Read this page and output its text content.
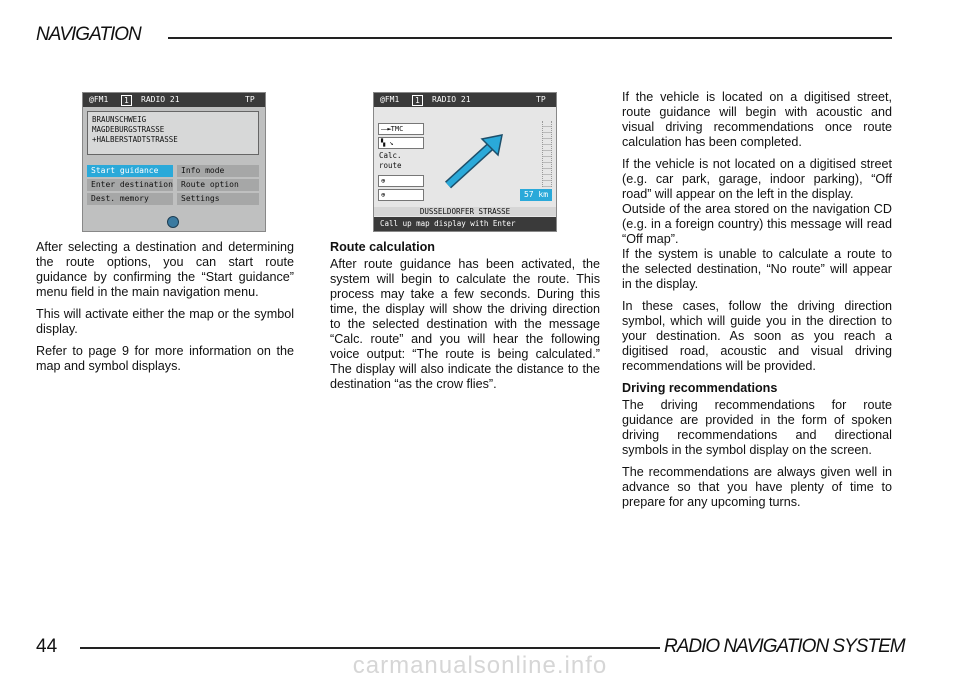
NAVIGATION
@FM1	1	RADIO 21	TP
BRAUNSCHWEIG
MAGDEBURGSTRASSE
+HALBERSTADTSTRASSE
Start guidance
Enter destination
Dest. memory
Info mode
Route option
Settings
@FM1	1	RADIO 21	TP
——►TMC
▚ ↘
Calc.
route
⊕
⊕	57 km
DUSSELDORFER STRASSE
Call up map display with Enter

After selecting a destination and determining the route options, you can start route guidance by confirming the “Start guidance” menu field in the main navigation menu.

This will activate either the map or the symbol display.

Refer to page 9 for more information on the map and symbol displays.

Route calculation

After route guidance has been activated, the system will begin to calculate the route. This process may take a few seconds. During this time, the display will show the driving direction to the selected destination with the message “Calc. route” and you will hear the following voice output: “The route is being calculated.” The display will also indicate the distance to the destination “as the crow flies”.

If the vehicle is located on a digitised street, route guidance will begin with acoustic and visual driving recommendations once route calculation has been completed.

If the vehicle is not located on a digitised street (e.g. car park, garage, indoor parking), “Off road” will appear on the left in the display.

Outside of the area stored on the navigation CD (e.g. in a foreign country) this message will read “Off map”.

If the system is unable to calculate a route to the selected destination, “No route” will appear in the display.

In these cases, follow the driving direction symbol, which will guide you in the direction to your destination. As soon as you reach a digitised road, acoustic and visual driving recommendations will be provided.

Driving recommendations

The driving recommendations for route guidance are provided in the form of spoken driving recommendations and directional symbols in the symbol display on the screen.

The recommendations are always given well in advance so that you have plenty of time to prepare for any upcoming turns.

44	RADIO NAVIGATION SYSTEM
carmanualsonline.info
